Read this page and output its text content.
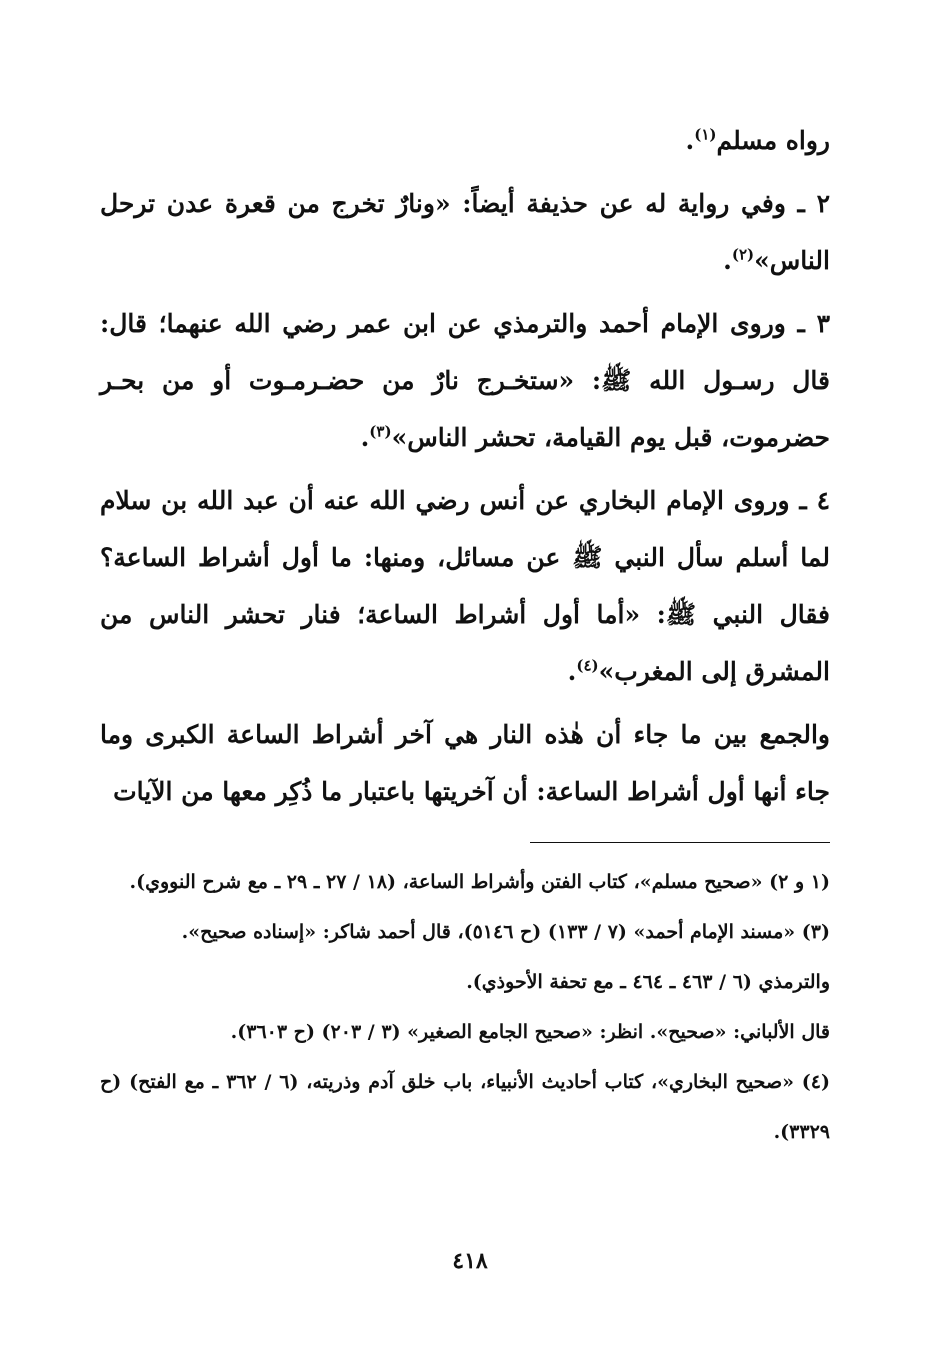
رواه مسلم$^{(١)}$.

٢ ـ وفي رواية له عن حذيفة أيضاً: «ونارٌ تخرج من قعرة عدن ترحل الناس»$^{(٢)}$.

٣ ـ وروى الإمام أحمد والترمذي عن ابن عمر رضي الله عنهما؛ قال: قال رسـول الله ﷺ: «ستخـرج نارٌ من حضـرمـوت أو من بحـر حضرموت، قبل يوم القيامة، تحشر الناس»$^{(٣)}$.

٤ ـ وروى الإمام البخاري عن أنس رضي الله عنه أن عبد الله بن سلام لما أسلم سأل النبي ﷺ عن مسائل، ومنها: ما أول أشراط الساعة؟ فقال النبي ﷺ: «أما أول أشراط الساعة؛ فنار تحشر الناس من المشرق إلى المغرب»$^{(٤)}$.

والجمع بين ما جاء أن هٰذه النار هي آخر أشراط الساعة الكبرى وما جاء أنها أول أشراط الساعة: أن آخريتها باعتبار ما ذُكِر معها من الآيات

(١ و ٢) «صحيح مسلم»، كتاب الفتن وأشراط الساعة، (١٨ / ٢٧ ـ ٢٩ ـ مع شرح النووي).

(٣) «مسند الإمام أحمد» (٧ / ١٣٣) (ح ٥١٤٦)، قال أحمد شاكر: «إسناده صحيح».

والترمذي (٦ / ٤٦٣ ـ ٤٦٤ ـ مع تحفة الأحوذي).

قال الألباني: «صحيح». انظر: «صحيح الجامع الصغير» (٣ / ٢٠٣) (ح ٣٦٠٣).

(٤) «صحيح البخاري»، كتاب أحاديث الأنبياء، باب خلق آدم وذريته، (٦ / ٣٦٢ ـ مع الفتح) (ح ٣٣٢٩).

٤١٨
